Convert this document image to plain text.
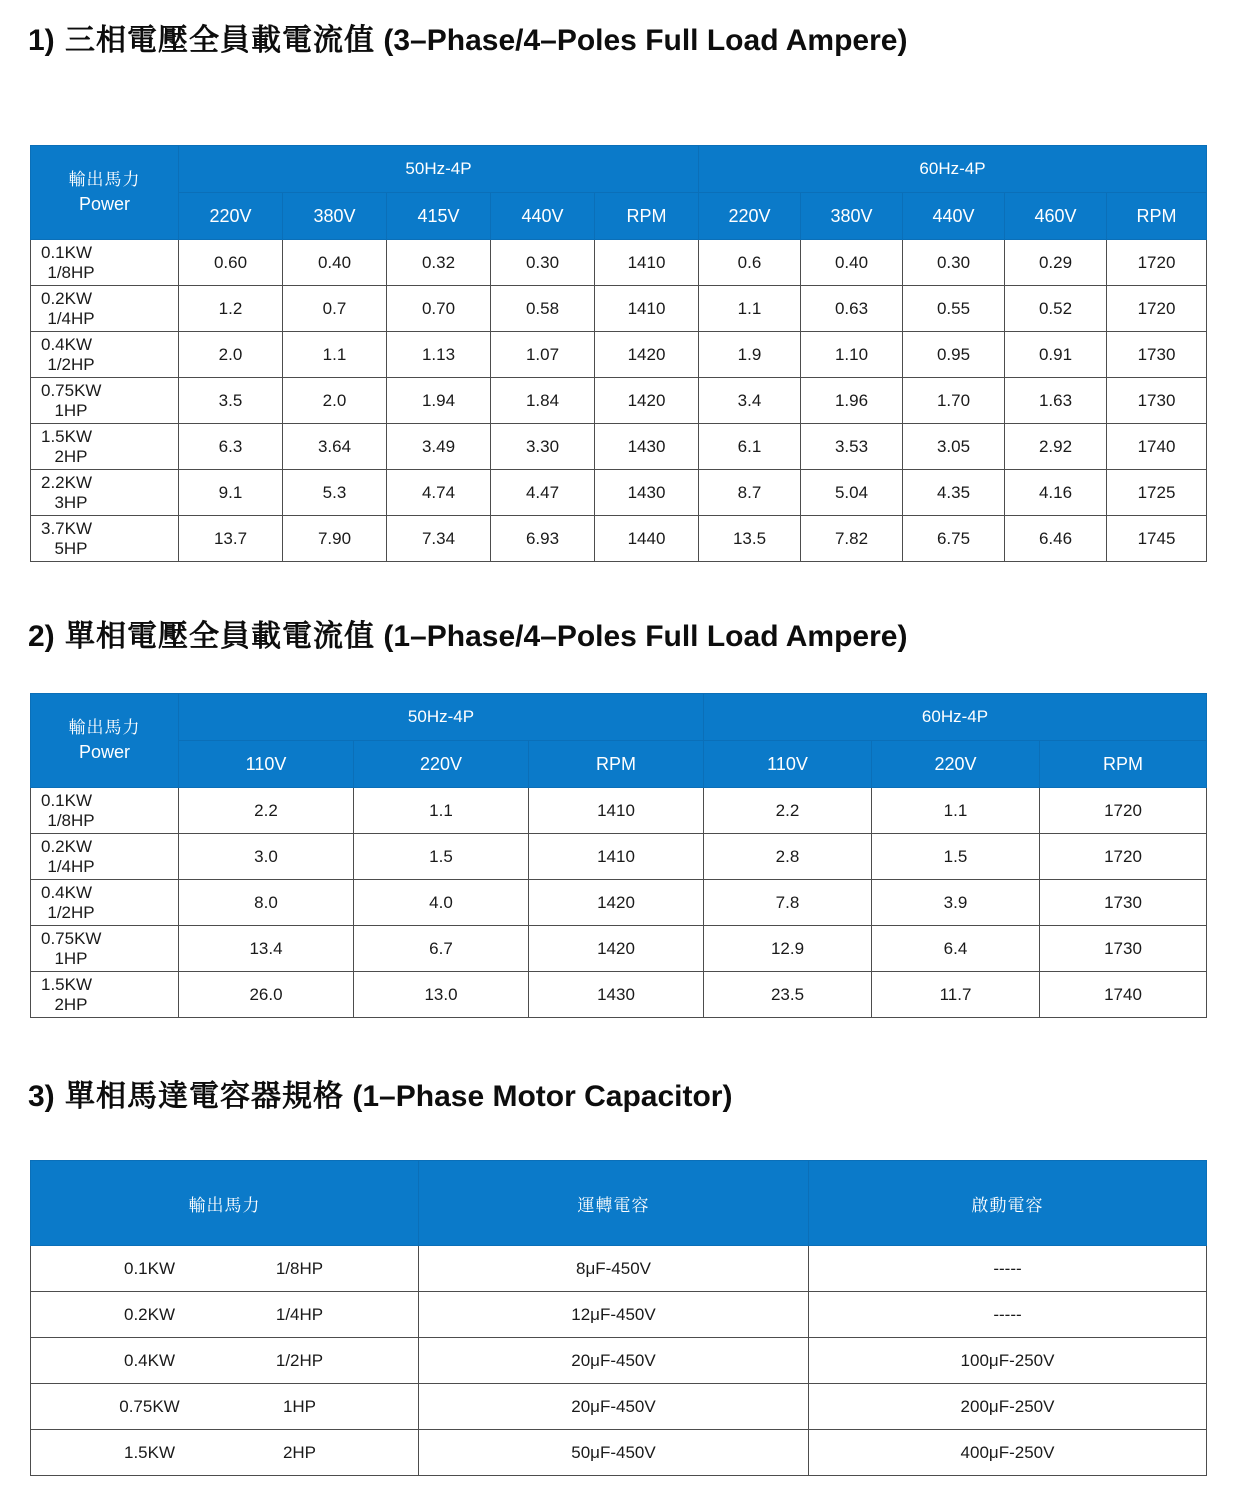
1) 三相電壓全員載電流值 (3–Phase/4–Poles Full Load Ampere)
輸出馬力
Power	50Hz-4P					60Hz-4P				
	220V	380V	415V	440V	RPM	220V	380V	440V	460V	RPM
0.1KW1/8HP	0.60	0.40	0.32	0.30	1410	0.6	0.40	0.30	0.29	1720
0.2KW1/4HP	1.2	0.7	0.70	0.58	1410	1.1	0.63	0.55	0.52	1720
0.4KW1/2HP	2.0	1.1	1.13	1.07	1420	1.9	1.10	0.95	0.91	1730
0.75KW1HP	3.5	2.0	1.94	1.84	1420	3.4	1.96	1.70	1.63	1730
1.5KW2HP	6.3	3.64	3.49	3.30	1430	6.1	3.53	3.05	2.92	1740
2.2KW3HP	9.1	5.3	4.74	4.47	1430	8.7	5.04	4.35	4.16	1725
3.7KW5HP	13.7	7.90	7.34	6.93	1440	13.5	7.82	6.75	6.46	1745
2) 單相電壓全員載電流值 (1–Phase/4–Poles Full Load Ampere)
輸出馬力
Power	50Hz-4P			60Hz-4P		
	110V	220V	RPM	110V	220V	RPM
0.1KW1/8HP	2.2	1.1	1410	2.2	1.1	1720
0.2KW1/4HP	3.0	1.5	1410	2.8	1.5	1720
0.4KW1/2HP	8.0	4.0	1420	7.8	3.9	1730
0.75KW1HP	13.4	6.7	1420	12.9	6.4	1730
1.5KW2HP	26.0	13.0	1430	23.5	11.7	1740
3) 單相馬達電容器規格 (1–Phase Motor Capacitor)
輸出馬力	運轉電容	啟動電容
0.1KW 1/8HP	8μF-450V	-----
0.2KW 1/4HP	12μF-450V	-----
0.4KW 1/2HP	20μF-450V	100μF-250V
0.75KW 1HP	20μF-450V	200μF-250V
1.5KW 2HP	50μF-450V	400μF-250V
